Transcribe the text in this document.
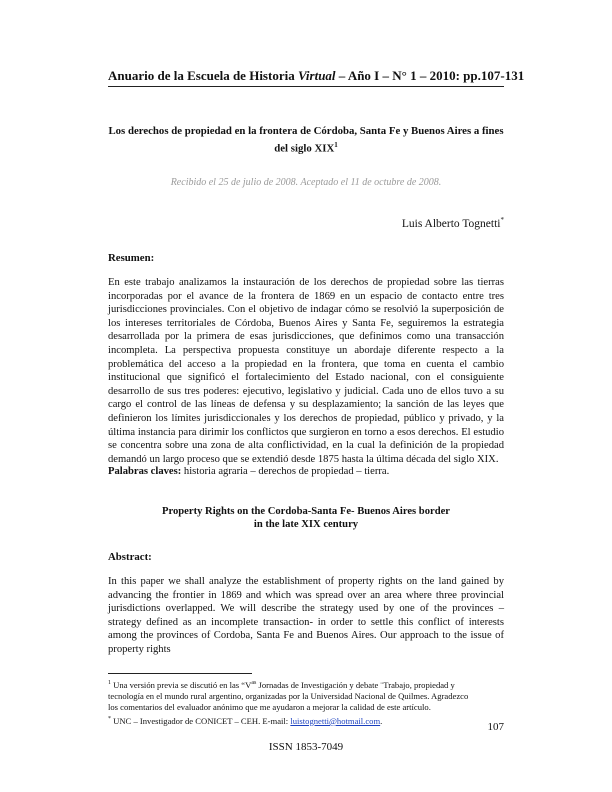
Anuario de la Escuela de Historia Virtual – Año I – N° 1 – 2010: pp.107-131
Los derechos de propiedad en la frontera de Córdoba, Santa Fe y Buenos Aires a fines del siglo XIX$^1$
Recibido el 25 de julio de 2008. Aceptado el 11 de octubre de 2008.
Luis Alberto Tognetti*
Resumen:

En este trabajo analizamos la instauración de los derechos de propiedad sobre las tierras incorporadas por el avance de la frontera de 1869 en un espacio de contacto entre tres jurisdicciones provinciales. Con el objetivo de indagar cómo se resolvió la superposición de los intereses territoriales de Córdoba, Buenos Aires y Santa Fe, seguiremos la estrategia desarrollada por la primera de esas jurisdicciones, que definimos como una transacción incompleta. La perspectiva propuesta constituye un abordaje diferente respecto a la problemática del acceso a la propiedad en la frontera, que toma en cuenta el cambio institucional que significó el fortalecimiento del Estado nacional, con el consiguiente desarrollo de sus tres poderes: ejecutivo, legislativo y judicial. Cada uno de ellos tuvo a su cargo el control de las líneas de defensa y su desplazamiento; la sanción de las leyes que definieron los límites jurisdiccionales y los derechos de propiedad, público y privado, y la última instancia para dirimir los conflictos que surgieron en torno a esos derechos. El estudio se concentra sobre una zona de alta conflictividad, en la cual la definición de la propiedad demandó un largo proceso que se extendió desde 1875 hasta la última década del siglo XIX.

Palabras claves: historia agraria – derechos de propiedad – tierra.
Property Rights on the Cordoba-Santa Fe- Buenos Aires border
in the late XIX century
Abstract:

In this paper we shall analyze the establishment of property rights on the land gained by advancing the frontier in 1869 and which was spread over an area where three provincial jurisdictions overlapped. We will describe the strategy used by one of the provinces – strategy defined as an incomplete transaction- in order to settle this conflict of interests among the provinces of Cordoba, Santa Fe and Buenos Aires. Our approach to the issue of property rights

$^1$ Una versión previa se discutió en las “$V^{as}$ Jornadas de Investigación y debate ¨Trabajo, propiedad y
tecnología en el mundo rural argentino, organizadas por la Universidad Nacional de Quilmes. Agradezco
los comentarios del evaluador anónimo que me ayudaron a mejorar la calidad de este artículo.
* UNC – Investigador de CONICET – CEH. E-mail: luistognetti@hotmail.com.
107
ISSN 1853-7049
